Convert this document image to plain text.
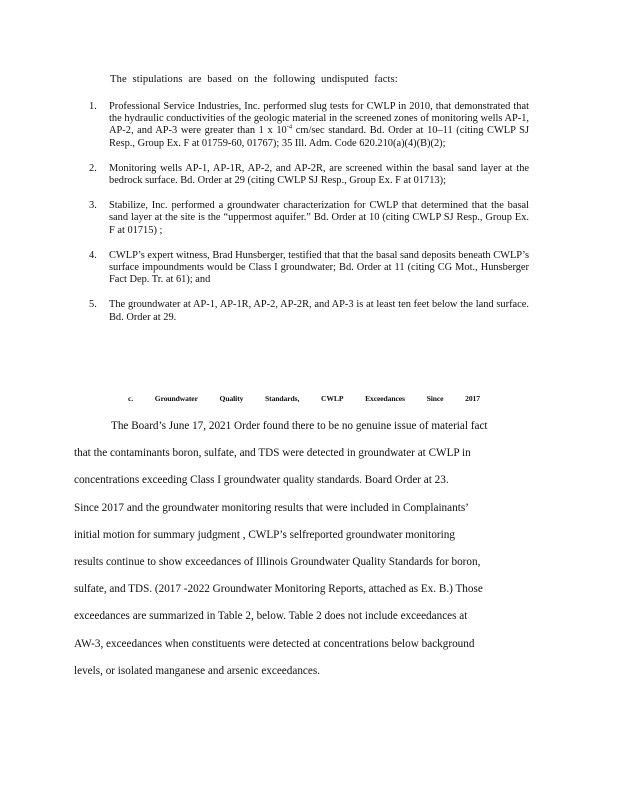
The stipulations are based on the following undisputed facts:
1. Professional Service Industries, Inc. performed slug tests for CWLP in 2010, that demonstrated that the hydraulic conductivities of the geologic material in the screened zones of monitoring wells AP-1, AP-2, and AP-3 were greater than 1 x $10^{-4}$ cm/sec standard. Bd. Order at 10–11 (citing CWLP SJ Resp., Group Ex. F at 01759-60, 01767); 35 Ill. Adm. Code 620.210(a)(4)(B)(2);
2. Monitoring wells AP-1, AP-1R, AP-2, and AP-2R, are screened within the basal sand layer at the bedrock surface. Bd. Order at 29 (citing CWLP SJ Resp., Group Ex. F at 01713);
3. Stabilize, Inc. performed a groundwater characterization for CWLP that determined that the basal sand layer at the site is the “uppermost aquifer.” Bd. Order at 10 (citing CWLP SJ Resp., Group Ex. F at 01715) ;
4. CWLP’s expert witness, Brad Hunsberger, testified that that the basal sand deposits beneath CWLP’s surface impoundments would be Class I groundwater; Bd. Order at 11 (citing CG Mot., Hunsberger Fact Dep. Tr. at 61); and
5. The groundwater at AP-1, AP-1R, AP-2, AP-2R, and AP-3 is at least ten feet below the land surface. Bd. Order at 29.
c.	Groundwater	Quality	Standards,	CWLP	Exceedances	Since	2017
The Board’s June 17, 2021 Order found there to be no genuine issue of material fact
that the contaminants boron, sulfate, and TDS were detected in groundwater at CWLP in
concentrations exceeding Class I groundwater quality standards. Board Order at 23.
Since 2017 and the groundwater monitoring results that were included in Complainants’
initial motion for summary judgment , CWLP’s selfreported groundwater monitoring
results continue to show exceedances of Illinois Groundwater Quality Standards for boron,
sulfate, and TDS. (2017 -2022 Groundwater Monitoring Reports, attached as Ex. B.) Those
exceedances are summarized in Table 2, below. Table 2 does not include exceedances at
AW-3, exceedances when constituents were detected at concentrations below background
levels, or isolated manganese and arsenic exceedances.
